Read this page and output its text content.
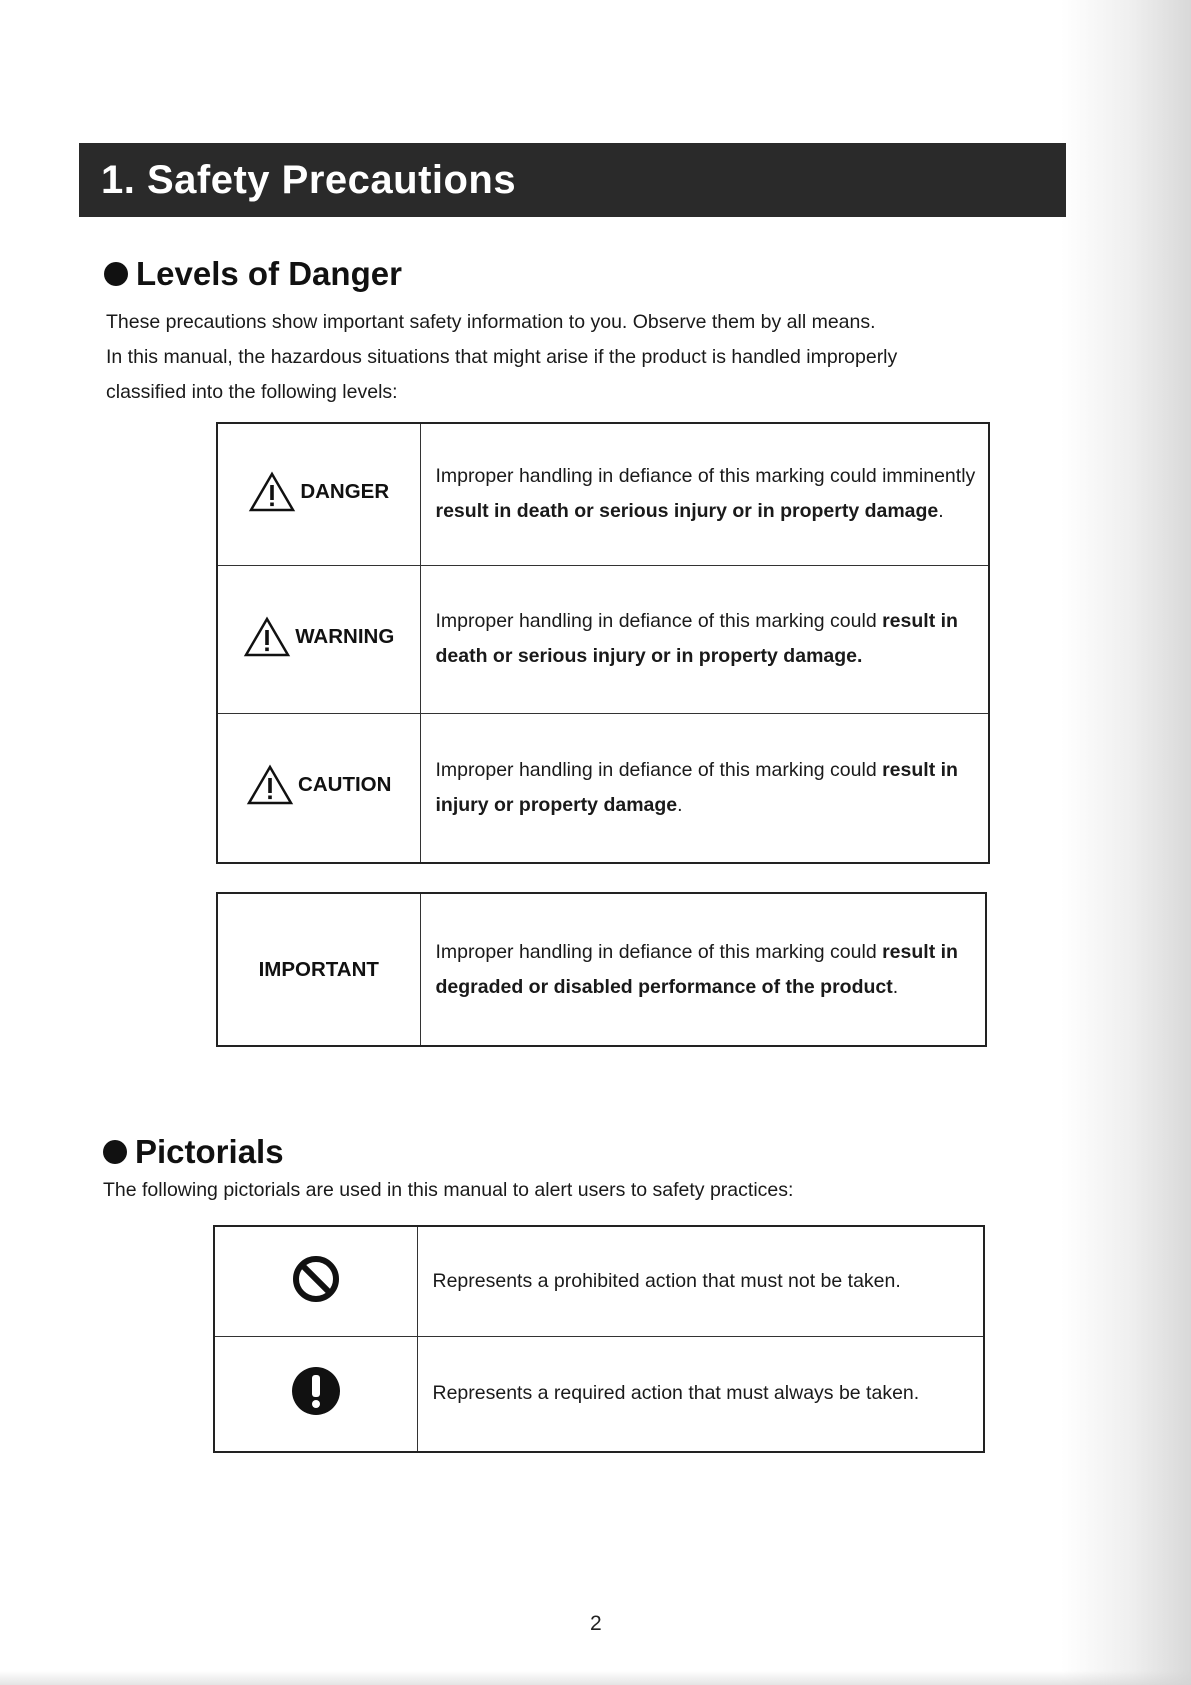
1. Safety Precautions
Levels of Danger

These precautions show important safety information to you. Observe them by all means.

In this manual, the hazardous situations that might arise if the product is handled improperly

classified into the following levels:

DANGER	Improper handling in defiance of this marking could imminently result in death or serious injury or in property damage.

WARNING	Improper handling in defiance of this marking could result in death or serious injury or in property damage.

CAUTION	Improper handling in defiance of this marking could result in injury or property damage.
IMPORTANT	Improper handling in defiance of this marking could result in degraded or disabled performance of the product.
Pictorials

The following pictorials are used in this manual to alert users to safety practices:

	Represents a prohibited action that must not be taken.
	Represents a required action that must always be taken.
2
